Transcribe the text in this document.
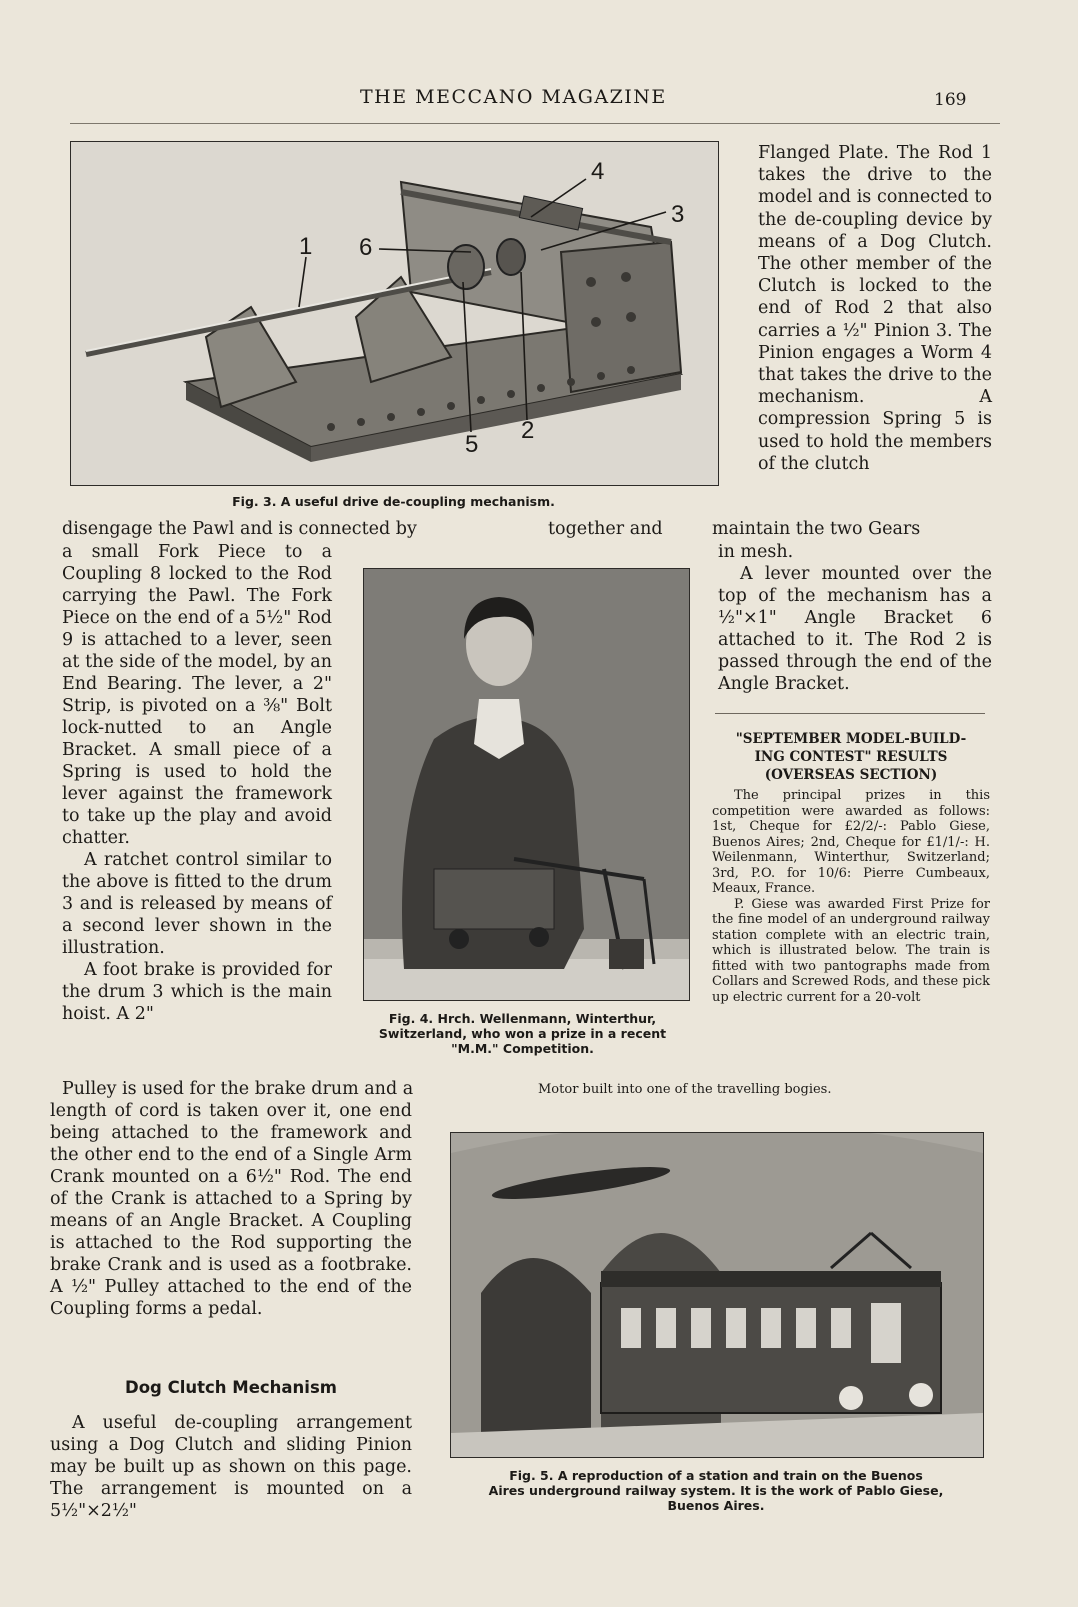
THE MECCANO MAGAZINE	169
4
3
6
1
5
2
Fig. 3. A useful drive de-coupling mechanism.

Flanged Plate. The Rod 1 takes the drive to the model and is connected to the de-coupling device by means of a Dog Clutch. The other member of the Clutch is locked to the end of Rod 2 that also carries a ½" Pinion 3. The Pinion engages a Worm 4 that takes the drive to the mechanism. A compression Spring 5 is used to hold the members of the clutch

disengage the Pawl and is connected by	together and	maintain the two Gears

in mesh.

A lever mounted over the top of the mechanism has a ½"×1" Angle Bracket 6 attached to it. The Rod 2 is passed through the end of the Angle Bracket.

"SEPTEMBER MODEL-BUILD-
ING CONTEST" RESULTS
(OVERSEAS SECTION)

The principal prizes in this competition were awarded as follows: 1st, Cheque for £2/2/-: Pablo Giese, Buenos Aires; 2nd, Cheque for £1/1/-: H. Weilenmann, Winterthur, Switzerland; 3rd, P.O. for 10/6: Pierre Cumbeaux, Meaux, France.

P. Giese was awarded First Prize for the fine model of an underground railway station complete with an electric train, which is illustrated below. The train is fitted with two pantographs made from Collars and Screwed Rods, and these pick up electric current for a 20-volt

Motor built into one of the travelling bogies.
Fig. 4. Hrch. Wellenmann, Winterthur,
Switzerland, who won a prize in a recent
"M.M." Competition.

a small Fork Piece to a Coupling 8 locked to the Rod carrying the Pawl. The Fork Piece on the end of a 5½" Rod 9 is attached to a lever, seen at the side of the model, by an End Bearing. The lever, a 2" Strip, is pivoted on a ⅜" Bolt lock-nutted to an Angle Bracket. A small piece of a Spring is used to hold the lever against the framework to take up the play and avoid chatter.

A ratchet control similar to the above is fitted to the drum 3 and is released by means of a second lever shown in the illustration.

A foot brake is provided for the drum 3 which is the main hoist. A 2"

Pulley is used for the brake drum and a

length of cord is taken over it, one end being attached to the framework and the other end to the end of a Single Arm Crank mounted on a 6½" Rod. The end of the Crank is attached to a Spring by means of an Angle Bracket. A Coupling is attached to the Rod supporting the brake Crank and is used as a footbrake. A ½" Pulley attached to the end of the Coupling forms a pedal.

Dog Clutch Mechanism

A useful de-coupling arrangement using a Dog Clutch and sliding Pinion may be built up as shown on this page. The arrangement is mounted on a 5½"×2½"

Fig. 5. A reproduction of a station and train on the Buenos
Aires underground railway system. It is the work of Pablo Giese,
Buenos Aires.
